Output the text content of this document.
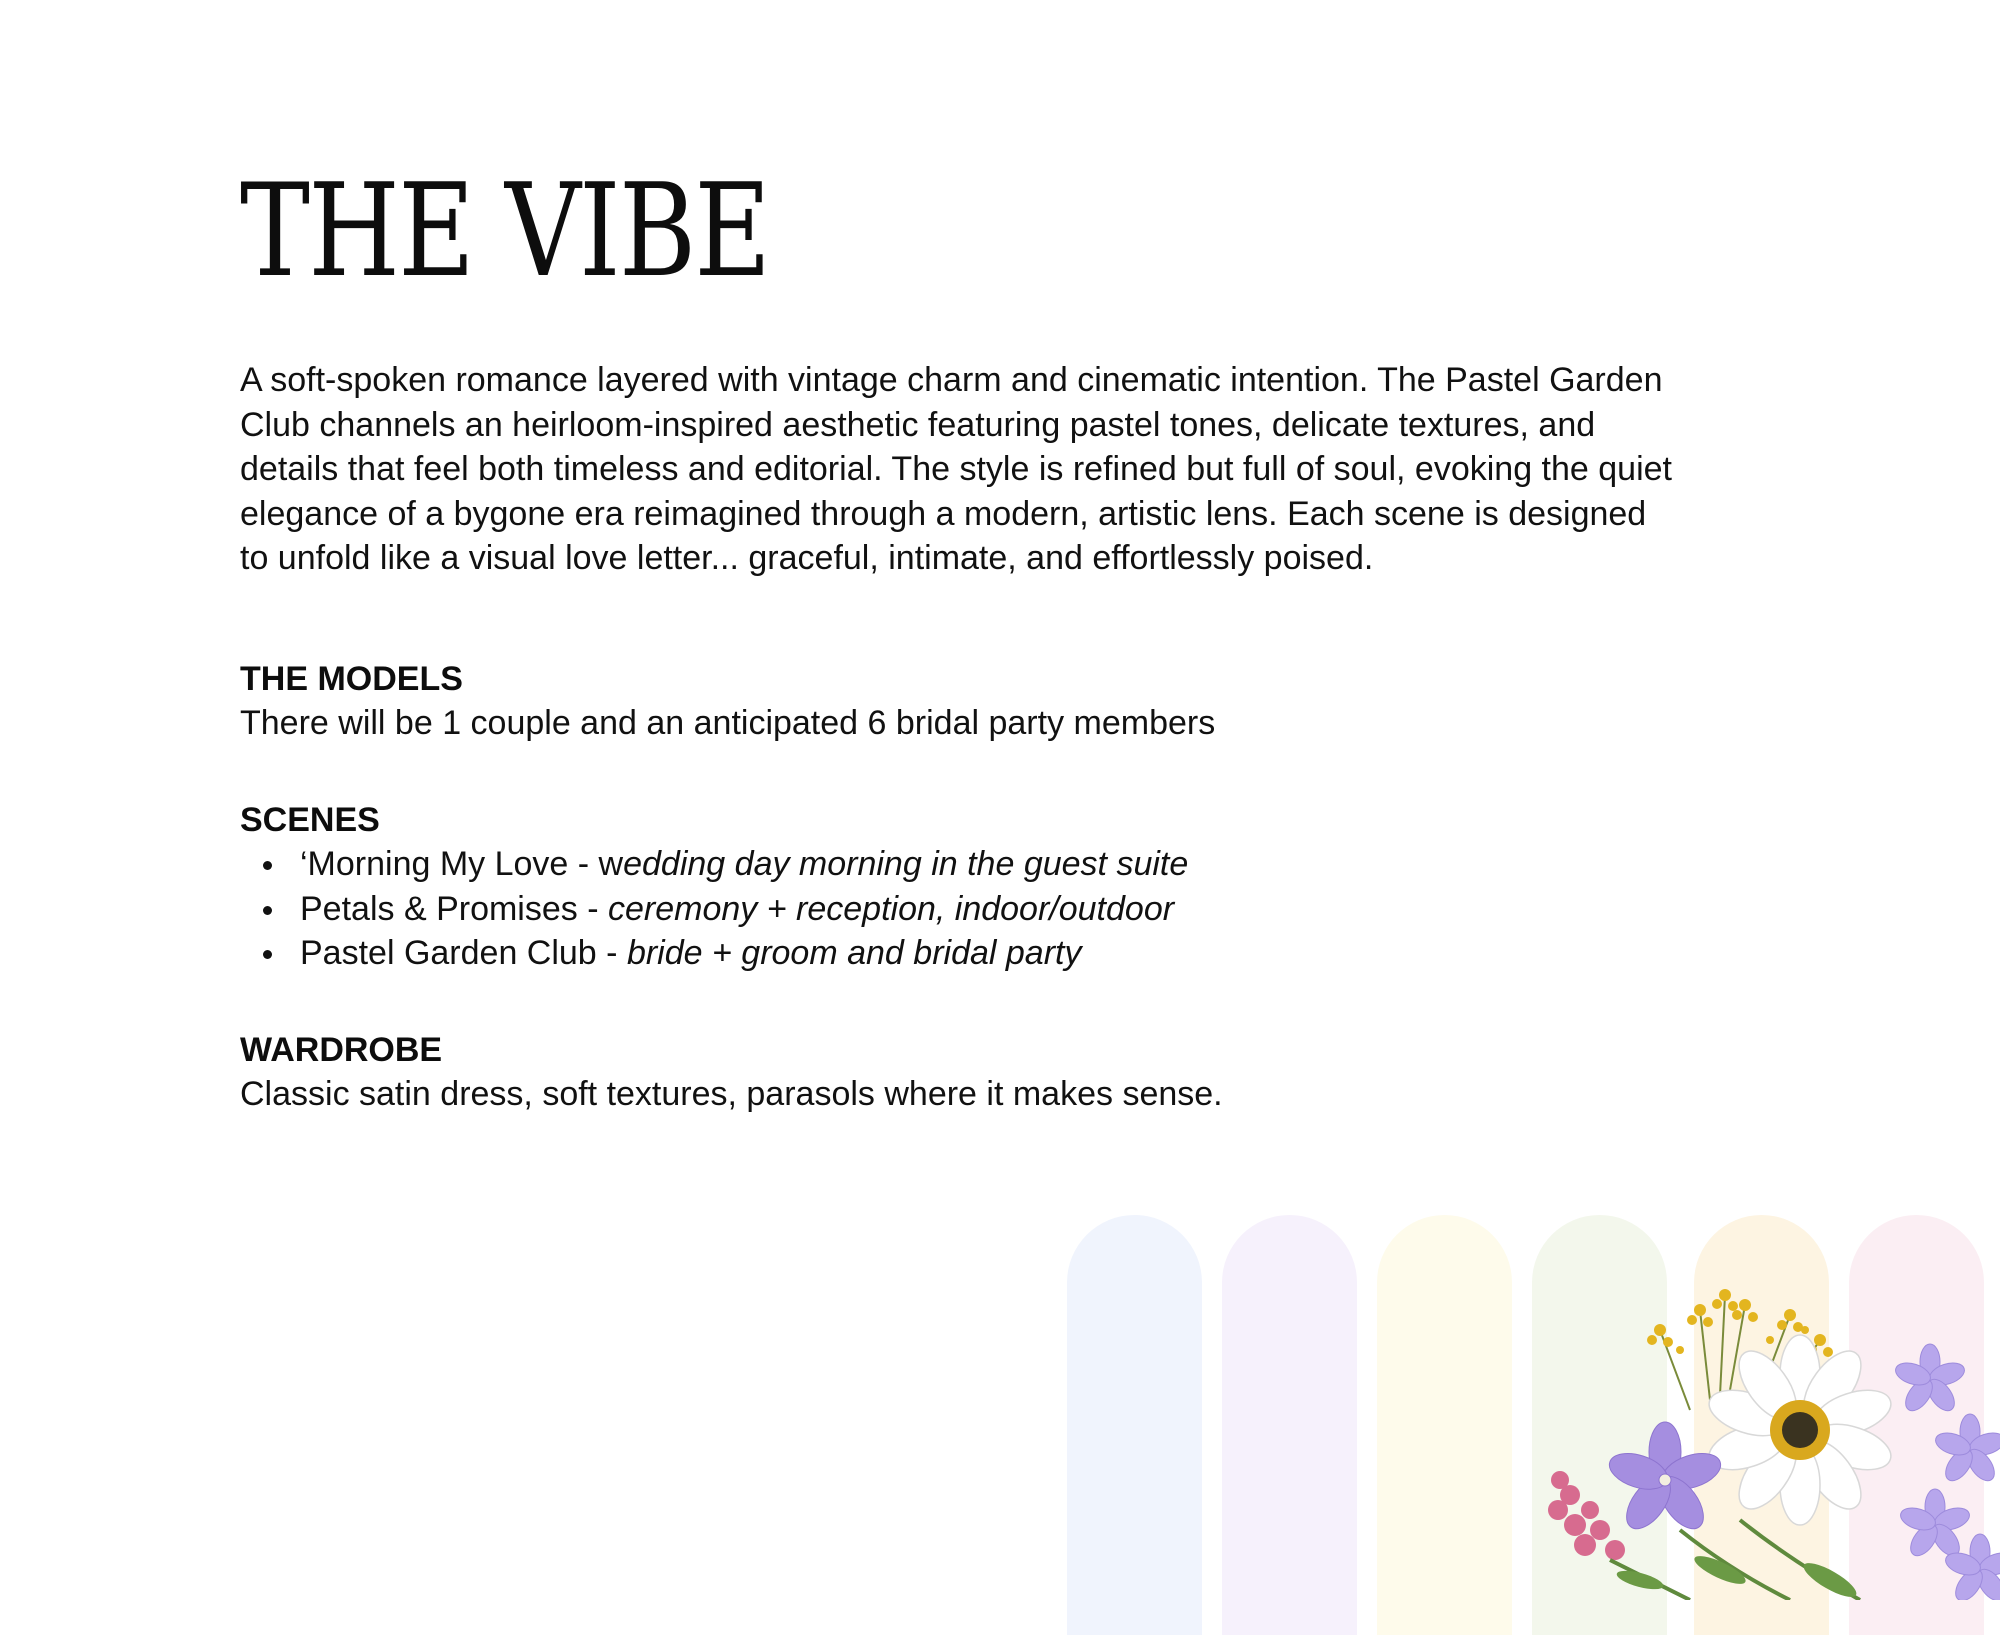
THE VIBE

A soft-spoken romance layered with vintage charm and cinematic intention. The Pastel Garden Club channels an heirloom-inspired aesthetic featuring pastel tones, delicate textures, and details that feel both timeless and editorial. The style is refined but full of soul, evoking the quiet elegance of a bygone era reimagined through a modern, artistic lens. Each scene is designed to unfold like a visual love letter... graceful, intimate, and effortlessly poised.

THE MODELS

There will be 1 couple and an anticipated 6 bridal party members

SCENES
‘Morning My Love - wedding day morning in the guest suite
Petals & Promises - ceremony + reception, indoor/outdoor
Pastel Garden Club - bride + groom and bridal party
WARDROBE

Classic satin dress, soft textures, parasols where it makes sense.
